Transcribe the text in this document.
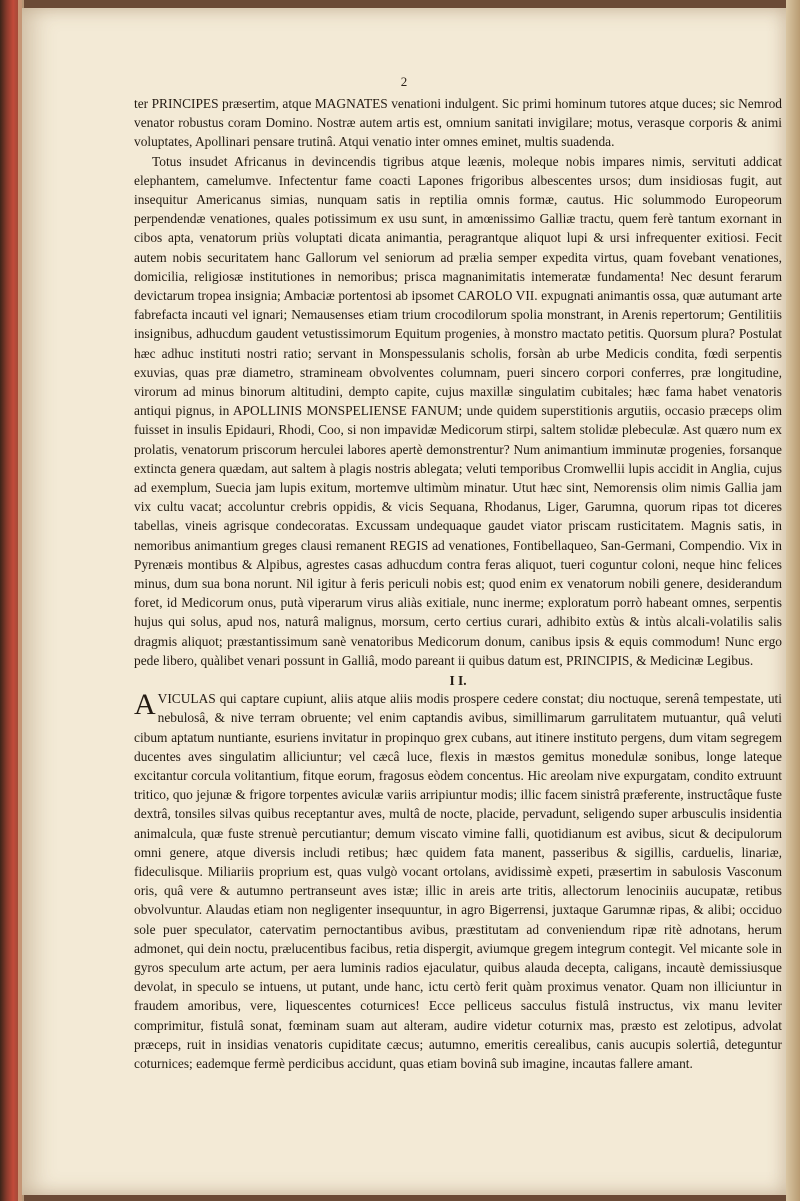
2

ter PRINCIPES præsertim, atque MAGNATES venationi indulgent. Sic primi hominum tutores atque duces; sic Nemrod venator robustus coram Domino. Nostræ autem artis est, omnium sanitati invigilare; motus, verasque corporis & animi voluptates, Apollinari pensare trutinâ. Atqui venatio inter omnes eminet, multis suadenda.

Totus insudet Africanus in devincendis tigribus atque leænis, moleque nobis impares nimis, servituti addicat elephantem, camelumve. Infectentur fame coacti Lapones frigoribus albescentes ursos; dum insidiosas fugit, aut insequitur Americanus simias, nunquam satis in reptilia omnis formæ, cautus. Hic solummodo Europeorum perpendendæ venationes, quales potissimum ex usu sunt, in amœnissimo Galliæ tractu, quem ferè tantum exornant in cibos apta, venatorum priùs voluptati dicata animantia, peragrantque aliquot lupi & ursi infrequenter exitiosi. Fecit autem nobis securitatem hanc Gallorum vel seniorum ad prælia semper expedita virtus, quam fovebant venationes, domicilia, religiosæ institutiones in nemoribus; prisca magnanimitatis intemeratæ fundamenta! Nec desunt ferarum devictarum tropea insignia; Ambaciæ portentosi ab ipsomet CAROLO VII. expugnati animantis ossa, quæ autumant arte fabrefacta incauti vel ignari; Nemausenses etiam trium crocodilorum spolia monstrant, in Arenis repertorum; Gentilitiis insignibus, adhucdum gaudent vetustissimorum Equitum progenies, à monstro mactato petitis. Quorsum plura? Postulat hæc adhuc instituti nostri ratio; servant in Monspessulanis scholis, forsàn ab urbe Medicis condita, fœdi serpentis exuvias, quas præ diametro, stramineam obvolventes columnam, pueri sincero corpori conferres, præ longitudine, virorum ad minus binorum altitudini, dempto capite, cujus maxillæ singulatim cubitales; hæc fama habet venatoris antiqui pignus, in APOLLINIS MONSPELIENSE FANUM; unde quidem superstitionis argutiis, occasio præceps olim fuisset in insulis Epidauri, Rhodi, Coo, si non impavidæ Medicorum stirpi, saltem stolidæ plebeculæ. Ast quæro num ex prolatis, venatorum priscorum herculei labores apertè demonstrentur? Num animantium imminutæ progenies, forsanque extincta genera quædam, aut saltem à plagis nostris ablegata; veluti temporibus Cromwellii lupis accidit in Anglia, cujus ad exemplum, Suecia jam lupis exitum, mortemve ultimùm minatur. Utut hæc sint, Nemorensis olim nimis Gallia jam vix cultu vacat; accoluntur crebris oppidis, & vicis Sequana, Rhodanus, Liger, Garumna, quorum ripas tot diceres tabellas, vineis agrisque condecoratas. Excussam undequaque gaudet viator priscam rusticitatem. Magnis satis, in nemoribus animantium greges clausi remanent REGIS ad venationes, Fontibellaqueo, San-Germani, Compendio. Vix in Pyrenæis montibus & Alpibus, agrestes casas adhucdum contra feras aliquot, tueri coguntur coloni, neque hinc felices minus, dum sua bona norunt. Nil igitur à feris periculi nobis est; quod enim ex venatorum nobili genere, desiderandum foret, id Medicorum onus, putà viperarum virus aliàs exitiale, nunc inerme; exploratum porrò habeant omnes, serpentis hujus qui solus, apud nos, naturâ malignus, morsum, certo certius curari, adhibito extùs & intùs alcali-volatilis salis dragmis aliquot; præstantissimum sanè venatoribus Medicorum donum, canibus ipsis & equis commodum! Nunc ergo pede libero, quàlibet venari possunt in Galliâ, modo pareant ii quibus datum est, PRINCIPIS, & Medicinæ Legibus.

I I.

A VICULAS qui captare cupiunt, aliis atque aliis modis prospere cedere constat; diu noctuque, serenâ tempestate, uti nebulosâ, & nive terram obruente; vel enim captandis avibus, simillimarum garrulitatem mutuantur, quâ veluti cibum aptatum nuntiante, esuriens invitatur in propinquo grex cubans, aut itinere instituto pergens, dum vitam segregem ducentes aves singulatim alliciuntur; vel cæcâ luce, flexis in mæstos gemitus monedulæ sonibus, longe lateque excitantur corcula volitantium, fitque eorum, fragosus eòdem concentus. Hic areolam nive expurgatam, condito extruunt tritico, quo jejunæ & frigore torpentes aviculæ variis arripiuntur modis; illic facem sinistrâ præferente, instructâque fuste dextrâ, tonsiles silvas quibus receptantur aves, multâ de nocte, placide, pervadunt, seligendo super arbusculis insidentia animalcula, quæ fuste strenuè percutiantur; demum viscato vimine falli, quotidianum est avibus, sicut & decipulorum omni genere, atque diversis includi retibus; hæc quidem fata manent, passeribus & sigillis, carduelis, linariæ, fideculisque. Miliariis proprium est, quas vulgò vocant ortolans, avidissimè expeti, præsertim in sabulosis Vasconum oris, quâ vere & autumno pertranseunt aves istæ; illic in areis arte tritis, allectorum lenociniis aucupatæ, retibus obvolvuntur. Alaudas etiam non negligenter insequuntur, in agro Bigerrensi, juxtaque Garumnæ ripas, & alibi; occiduo sole puer speculator, catervatim pernoctantibus avibus, præstitutam ad conveniendum ripæ ritè adnotans, herum admonet, qui dein noctu, prælucentibus facibus, retia dispergit, aviumque gregem integrum contegit. Vel micante sole in gyros speculum arte actum, per aera luminis radios ejaculatur, quibus alauda decepta, caligans, incautè demissiusque devolat, in speculo se intuens, ut putant, unde hanc, ictu certò ferit quàm proximus venator. Quam non illiciuntur in fraudem amoribus, vere, liquescentes coturnices! Ecce pelliceus sacculus fistulâ instructus, vix manu leviter comprimitur, fistulâ sonat, fœminam suam aut alteram, audire videtur coturnix mas, præsto est zelotipus, advolat præceps, ruit in insidias venatoris cupiditate cæcus; autumno, emeritis cerealibus, canis aucupis solertiâ, deteguntur coturnices; eademque fermè perdicibus accidunt, quas etiam bovinâ sub imagine, incautas fallere amant.
